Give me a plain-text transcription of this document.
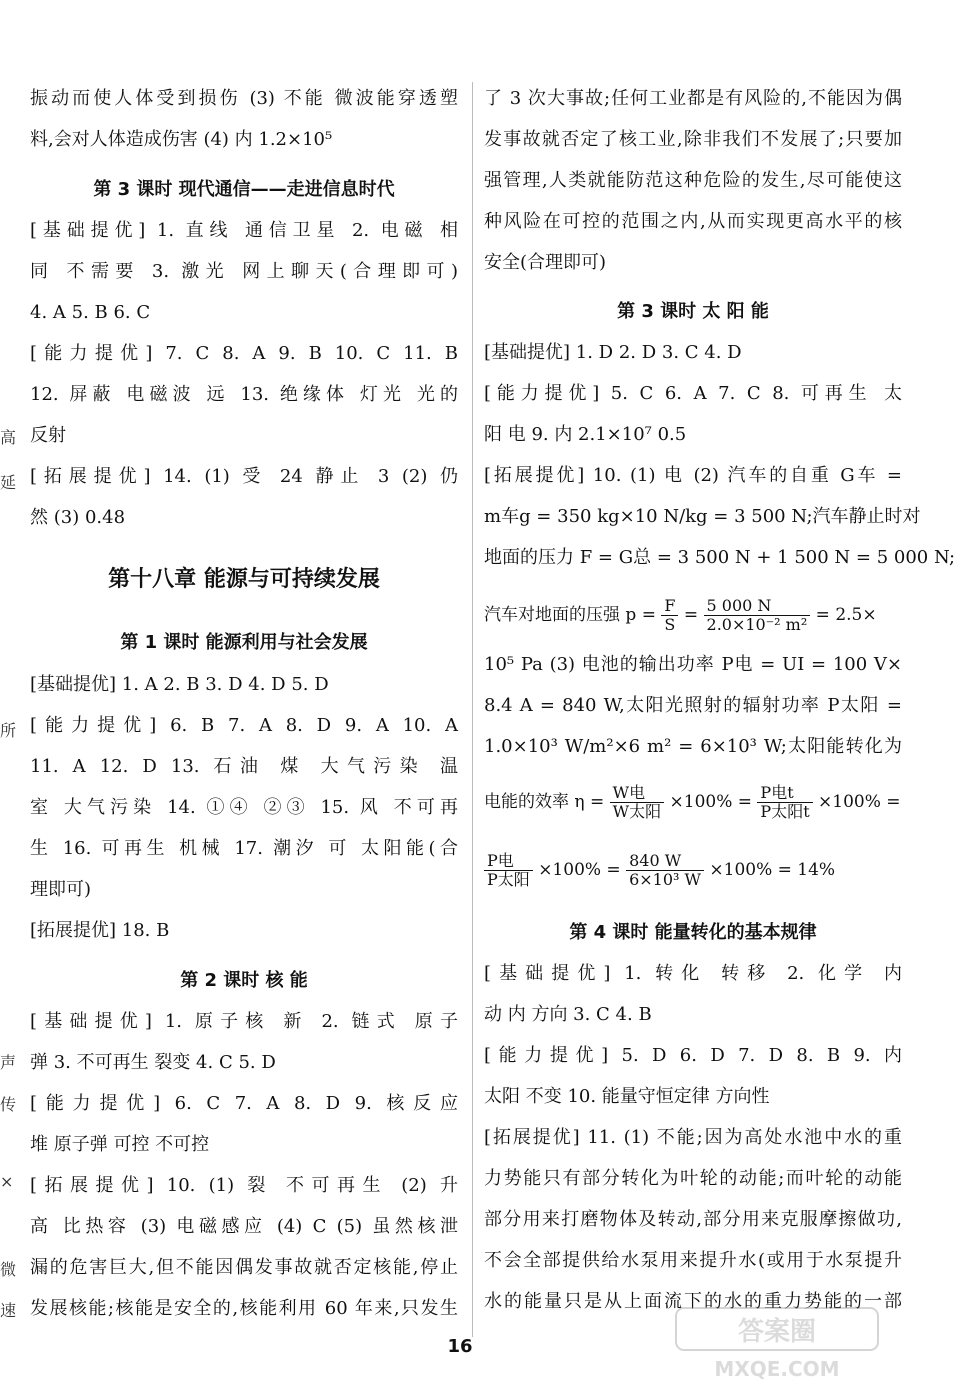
高
延
所
声
传
×
微
速
振动而使人体受到损伤 (3) 不能 微波能穿透塑
料,会对人体造成伤害 (4) 内 1.2×10⁵
第 3 课时 现代通信——走进信息时代
[基础提优] 1. 直线 通信卫星 2. 电磁 相
同 不需要 3. 激光 网上聊天(合理即可)
4. A 5. B 6. C
[能力提优] 7. C 8. A 9. B 10. C 11. B
12. 屏蔽 电磁波 远 13. 绝缘体 灯光 光的
反射
[拓展提优] 14. (1) 受 24 静止 3 (2) 仍
然 (3) 0.48
第十八章 能源与可持续发展
第 1 课时 能源利用与社会发展
[基础提优] 1. A 2. B 3. D 4. D 5. D
[能力提优] 6. B 7. A 8. D 9. A 10. A
11. A 12. D 13. 石油 煤 大气污染 温
室 大气污染 14. ①④ ②③ 15. 风 不可再
生 16. 可再生 机械 17. 潮汐 可 太阳能(合
理即可)
[拓展提优] 18. B
第 2 课时 核 能
[基础提优] 1. 原子核 新 2. 链式 原子
弹 3. 不可再生 裂变 4. C 5. D
[能力提优] 6. C 7. A 8. D 9. 核反应
堆 原子弹 可控 不可控
[拓展提优] 10. (1) 裂 不可再生 (2) 升
高 比热容 (3) 电磁感应 (4) C (5) 虽然核泄
漏的危害巨大,但不能因偶发事故就否定核能,停止
发展核能;核能是安全的,核能利用 60 年来,只发生
了 3 次大事故;任何工业都是有风险的,不能因为偶
发事故就否定了核工业,除非我们不发展了;只要加
强管理,人类就能防范这种危险的发生,尽可能使这
种风险在可控的范围之内,从而实现更高水平的核
安全(合理即可)
第 3 课时 太 阳 能
[基础提优] 1. D 2. D 3. C 4. D
[能力提优] 5. C 6. A 7. C 8. 可再生 太
阳 电 9. 内 2.1×10⁷ 0.5
[拓展提优] 10. (1) 电 (2) 汽车的自重 G车 =
m车g = 350 kg×10 N/kg = 3 500 N;汽车静止时对
地面的压力 F = G总 = 3 500 N + 1 500 N = 5 000 N;
汽车对地面的压强 $p = \frac{F}{S} = \frac{5 000 N}{\text{2.0×10⁻² m²}} = 2.5\times$
10⁵ Pa (3) 电池的输出功率 P电 = UI = 100 V×
8.4 A = 840 W,太阳光照射的辐射功率 P太阳 =
1.0×10³ W/m²×6 m² = 6×10³ W;太阳能转化为
电能的效率 $\eta = \frac{\text{W电}}{\text{W太阳}} \times 100\% = \frac{\text{P电t}}{\text{P太阳t}} \times 100\%$ =
$\frac{\text{P电}}{\text{P太阳}} \times 100\% = \frac{840 W}{\text{6×10³ W}} \times 100\% = 14\%$
第 4 课时 能量转化的基本规律
[基础提优] 1. 转化 转移 2. 化学 内
动 内 方向 3. C 4. B
[能力提优] 5. D 6. D 7. D 8. B 9. 内
太阳 不变 10. 能量守恒定律 方向性
[拓展提优] 11. (1) 不能;因为高处水池中水的重
力势能只有部分转化为叶轮的动能;而叶轮的动能
部分用来打磨物体及转动,部分用来克服摩擦做功,
不会全部提供给水泵用来提升水(或用于水泵提升
水的能量只是从上面流下的水的重力势能的一部
16	答案圈
MXQE.COM
